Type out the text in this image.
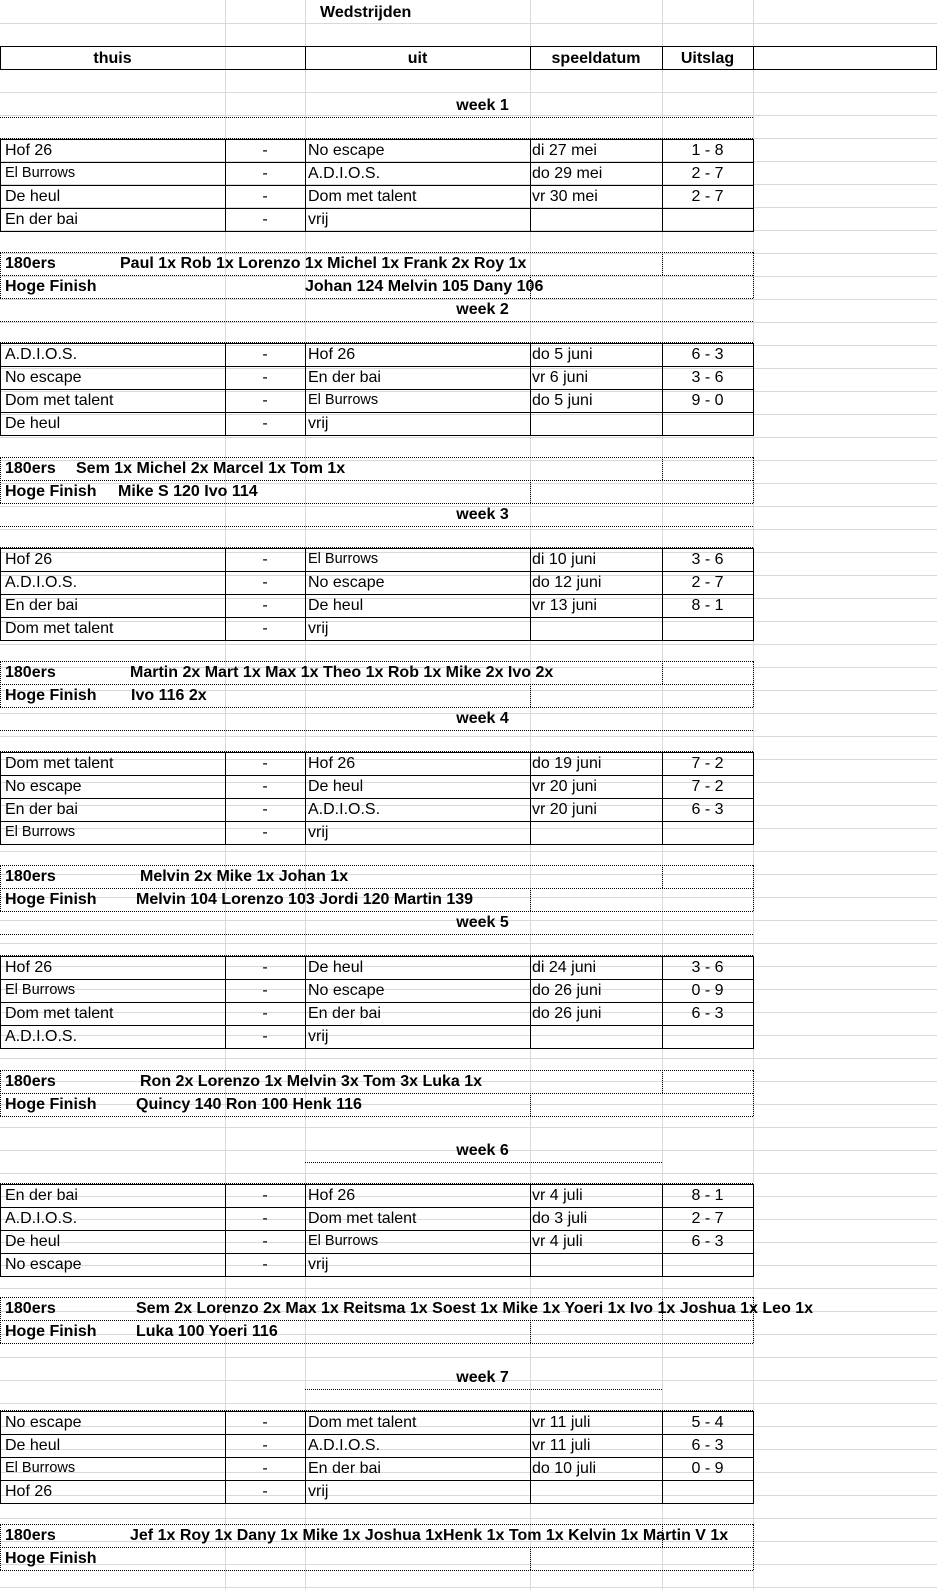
Wedstrijden
thuis	uit	speeldatum	Uitslag
week 1
Hof 26	-	No escape	di 27 mei	1 - 8
El Burrows	-	A.D.I.O.S.	do 29 mei	2 - 7
De heul	-	Dom met talent	vr 30 mei	2 - 7
En der bai	-	vrij
180ers	Paul 1x Rob 1x Lorenzo 1x Michel 1x Frank 2x Roy 1x
Hoge Finish	Johan 124 Melvin 105 Dany 106
week 2
A.D.I.O.S.	-	Hof 26	do 5 juni	6 - 3
No escape	-	En der bai	vr 6 juni	3 - 6
Dom met talent	-	El Burrows	do 5 juni	9 - 0
De heul	-	vrij
180ers Sem 1x Michel 2x Marcel 1x Tom 1x
Hoge Finish Mike S 120 Ivo 114
week 3
Hof 26	-	El Burrows	di 10 juni	3 - 6
A.D.I.O.S.	-	No escape	do 12 juni	2 - 7
En der bai	-	De heul	vr 13 juni	8 - 1
Dom met talent	-	vrij
180ers	Martin 2x Mart 1x Max 1x Theo 1x Rob 1x Mike 2x Ivo 2x
Hoge Finish Ivo 116 2x
week 4
Dom met talent	-	Hof 26	do 19 juni	7 - 2
No escape	-	De heul	vr 20 juni	7 - 2
En der bai	-	A.D.I.O.S.	vr 20 juni	6 - 3
El Burrows	-	vrij
180ers	Melvin 2x Mike 1x Johan 1x
Hoge Finish Melvin 104 Lorenzo 103 Jordi 120 Martin 139
week 5
Hof 26	-	De heul	di 24 juni	3 - 6
El Burrows	-	No escape	do 26 juni	0 - 9
Dom met talent	-	En der bai	do 26 juni	6 - 3
A.D.I.O.S.	-	vrij
180ers	Ron 2x Lorenzo 1x Melvin 3x Tom 3x Luka 1x
Hoge Finish Quincy 140 Ron 100 Henk 116
week 6
En der bai	-	Hof 26	vr 4 juli	8 - 1
A.D.I.O.S.	-	Dom met talent	do 3 juli	2 - 7
De heul	-	El Burrows	vr 4 juli	6 - 3
No escape	-	vrij
180ers	Sem 2x Lorenzo 2x Max 1x Reitsma 1x Soest 1x Mike 1x Yoeri 1x Ivo 1x Joshua 1x Leo 1x
Hoge Finish Luka 100 Yoeri 116
week 7
No escape	-	Dom met talent	vr 11 juli	5 - 4
De heul	-	A.D.I.O.S.	vr 11 juli	6 - 3
El Burrows	-	En der bai	do 10 juli	0 - 9
Hof 26	-	vrij
180ers	Jef 1x Roy 1x Dany 1x Mike 1x Joshua 1xHenk 1x Tom 1x Kelvin 1x Martin V 1x
Hoge Finish
